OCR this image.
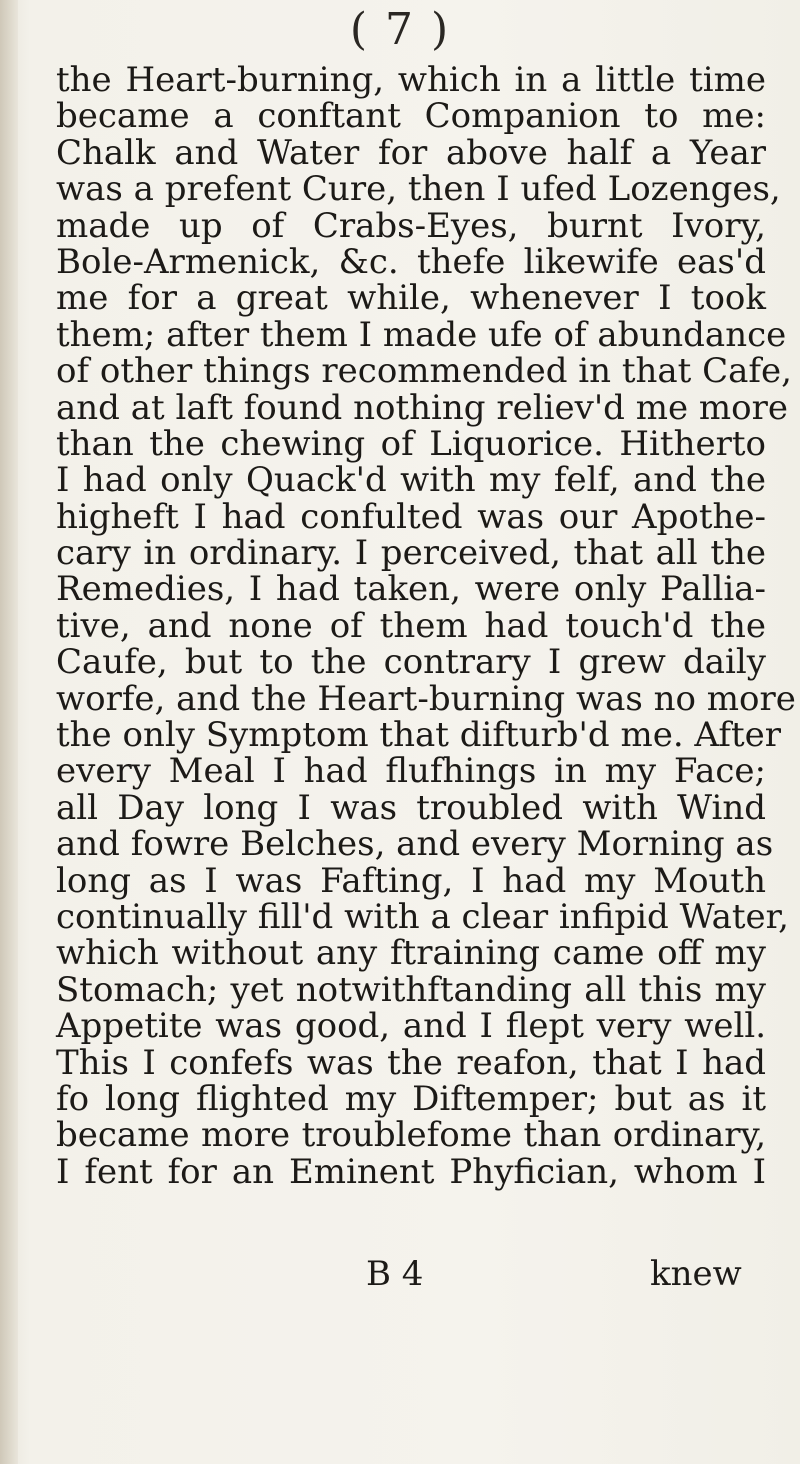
( 7 )
the Heart-burning, which in a little time
became a conftant Companion to me:
Chalk and Water for above half a Year
was a prefent Cure, then I ufed Lozenges,
made up of Crabs-Eyes, burnt Ivory,
Bole-Armenick, &c. thefe likewife eas'd
me for a great while, whenever I took
them; after them I made ufe of abundance
of other things recommended in that Cafe,
and at laft found nothing reliev'd me more
than the chewing of Liquorice. Hitherto
I had only Quack'd with my felf, and the
higheft I had confulted was our Apothe-
cary in ordinary. I perceived, that all the
Remedies, I had taken, were only Pallia-
tive, and none of them had touch'd the
Caufe, but to the contrary I grew daily
worfe, and the Heart-burning was no more
the only Symptom that difturb'd me. After
every Meal I had flufhings in my Face;
all Day long I was troubled with Wind
and fowre Belches, and every Morning as
long as I was Fafting, I had my Mouth
continually fill'd with a clear infipid Water,
which without any ftraining came off my
Stomach; yet notwithftanding all this my
Appetite was good, and I flept very well.
This I confefs was the reafon, that I had
fo long flighted my Diftemper; but as it
became more troublefome than ordinary,
I fent for an Eminent Phyfician, whom I
B 4	knew
